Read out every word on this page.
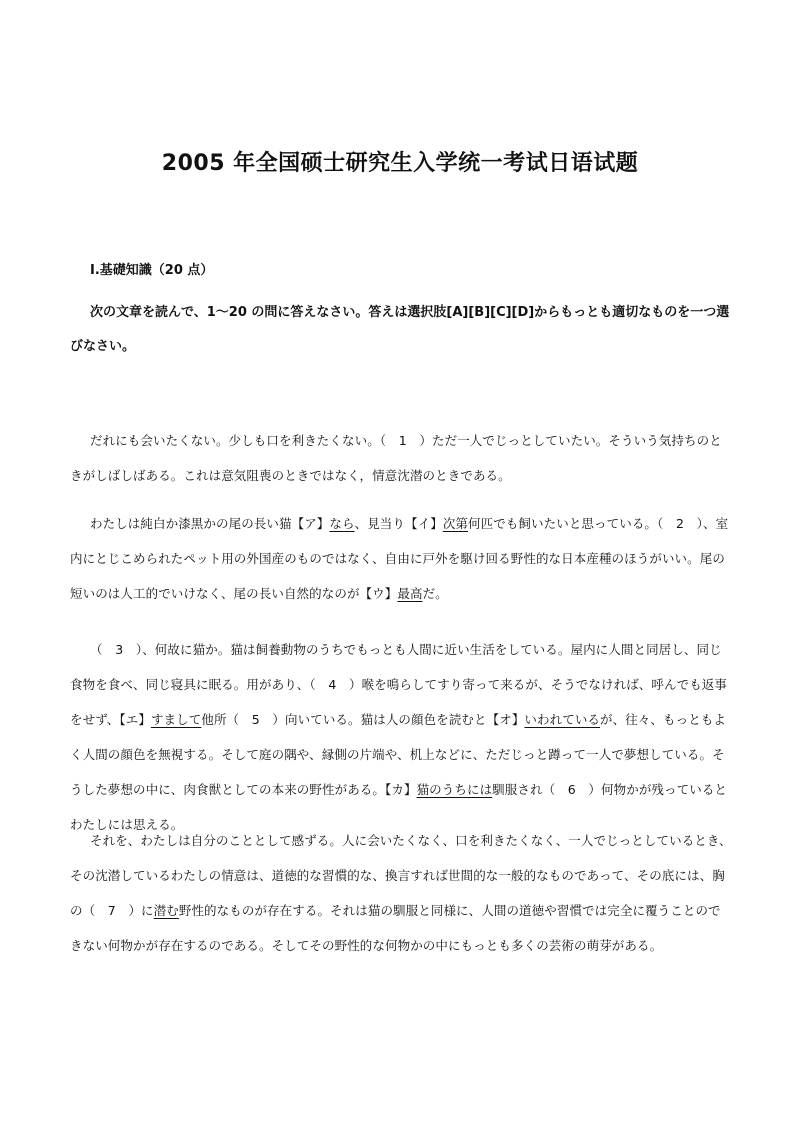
2005 年全国硕士研究生入学统一考试日语试题

Ⅰ.基礎知識（20 点）

次の文章を読んで、1～20 の問に答えなさい。答えは選択肢[A][B][C][D]からもっとも適切なものを一つ選びなさい。

だれにも会いたくない。少しも口を利きたくない。（　1　）ただ一人でじっとしていたい。そういう気持ちのときがしばしばある。これは意気阻喪のときではなく，情意沈潜のときである。

わたしは純白か漆黒かの尾の長い猫【ア】なら、見当り【イ】次第何匹でも飼いたいと思っている。（　2　）、室内にとじこめられたペット用の外国産のものではなく、自由に戸外を駆け回る野性的な日本産種のほうがいい。尾の短いのは人工的でいけなく、尾の長い自然的なのが【ウ】最高だ。

（　3　）、何故に猫か。猫は飼養動物のうちでもっとも人間に近い生活をしている。屋内に人間と同居し、同じ食物を食べ、同じ寝具に眠る。用があり、（　4　）喉を鳴らしてすり寄って来るが、そうでなければ、呼んでも返事をせず、【エ】すまして他所（　5　）向いている。猫は人の顔色を読むと【オ】いわれているが、往々、もっともよく人間の顔色を無視する。そして庭の隅や、縁側の片端や、机上などに、ただじっと蹲って一人で夢想している。そうした夢想の中に、肉食獣としての本来の野性がある。【カ】猫のうちには馴服され（　6　）何物かが残っているとわたしには思える。

それを、わたしは自分のこととして感ずる。人に会いたくなく、口を利きたくなく、一人でじっとしているとき、その沈潜しているわたしの情意は、道徳的な習慣的な、換言すれば世間的な一般的なものであって、その底には、胸の（　7　）に潜む野性的なものが存在する。それは猫の馴服と同様に、人間の道徳や習慣では完全に覆うことのできない何物かが存在するのである。そしてその野性的な何物かの中にもっとも多くの芸術の萌芽がある。
